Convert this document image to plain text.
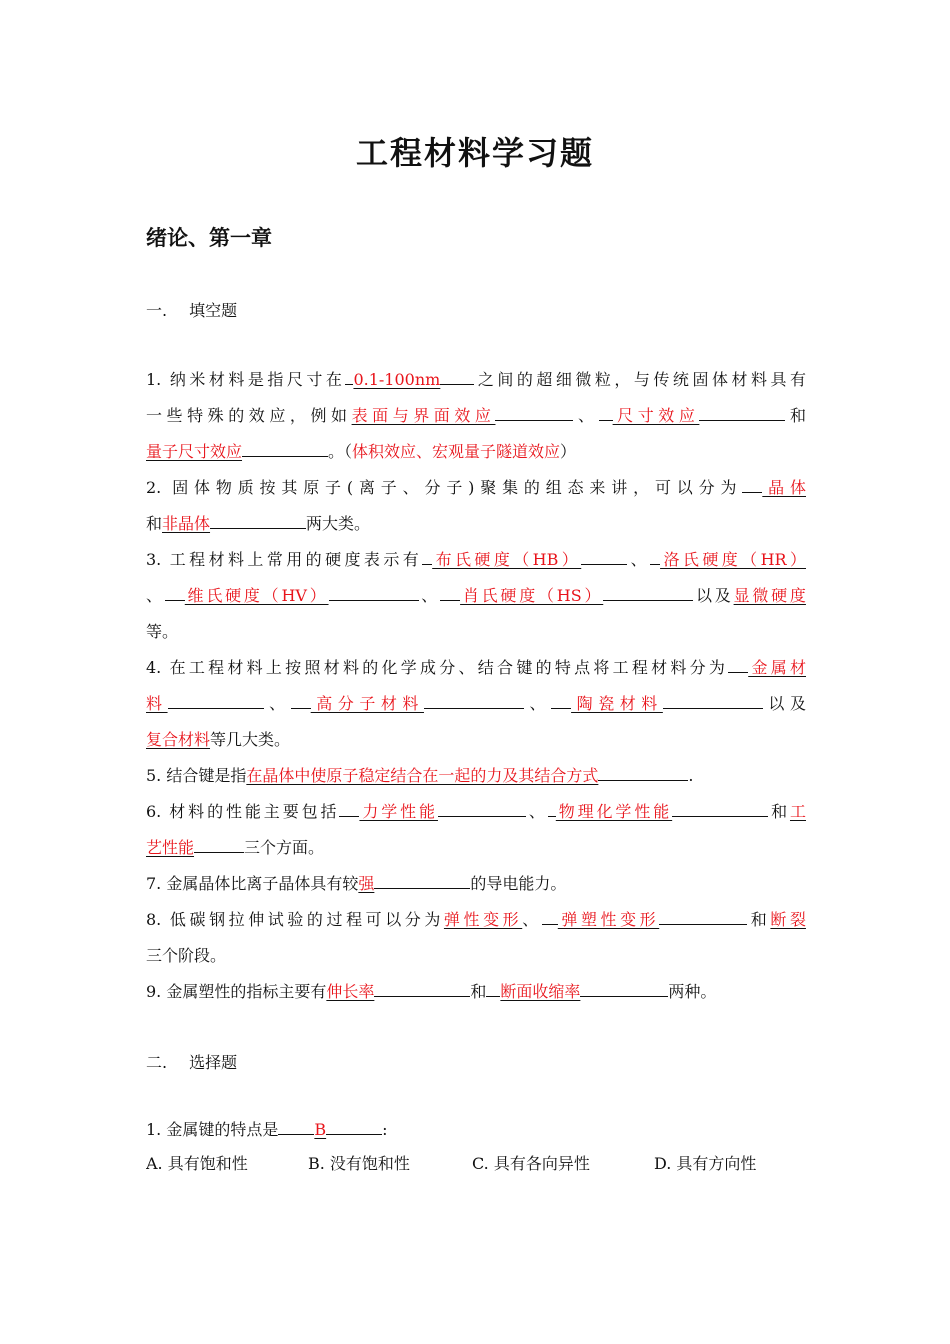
工程材料学习题
绪论、第一章
一. 填空题
1. 纳米材料是指尺寸在 0.1-100nm 之间的超细微粒，与传统固体材料具有
一些特殊的效应，例如表面与界面效应	、 尺寸效应	和
量子尺寸效应	。（体积效应、宏观量子隧道效应）
2. 固体物质按其原子(离子、分子)聚集的组态来讲，可以分为 晶体
和非晶体	两大类。
3. 工程材料上常用的硬度表示有 布氏硬度（HB）	、 洛氏硬度（HR）
、 维氏硬度（HV）	、 肖氏硬度（HS）	以及显微硬度
等。
4. 在工程材料上按照材料的化学成分、结合键的特点将工程材料分为 金属材
料	、 高分子材料	、 陶瓷材料	以及
复合材料等几大类。
5. 结合键是指在晶体中使原子稳定结合在一起的力及其结合方式	.
6. 材料的性能主要包括 力学性能	、 物理化学性能	和工
艺性能	三个方面。
7. 金属晶体比离子晶体具有较强	的导电能力。
8. 低碳钢拉伸试验的过程可以分为弹性变形、 弹塑性变形	和断裂
三个阶段。
9. 金属塑性的指标主要有伸长率	和 断面收缩率	两种。
二. 选择题
1. 金属键的特点是 B	:
A. 具有饱和性	B. 没有饱和性	C. 具有各向异性	D. 具有方向性
